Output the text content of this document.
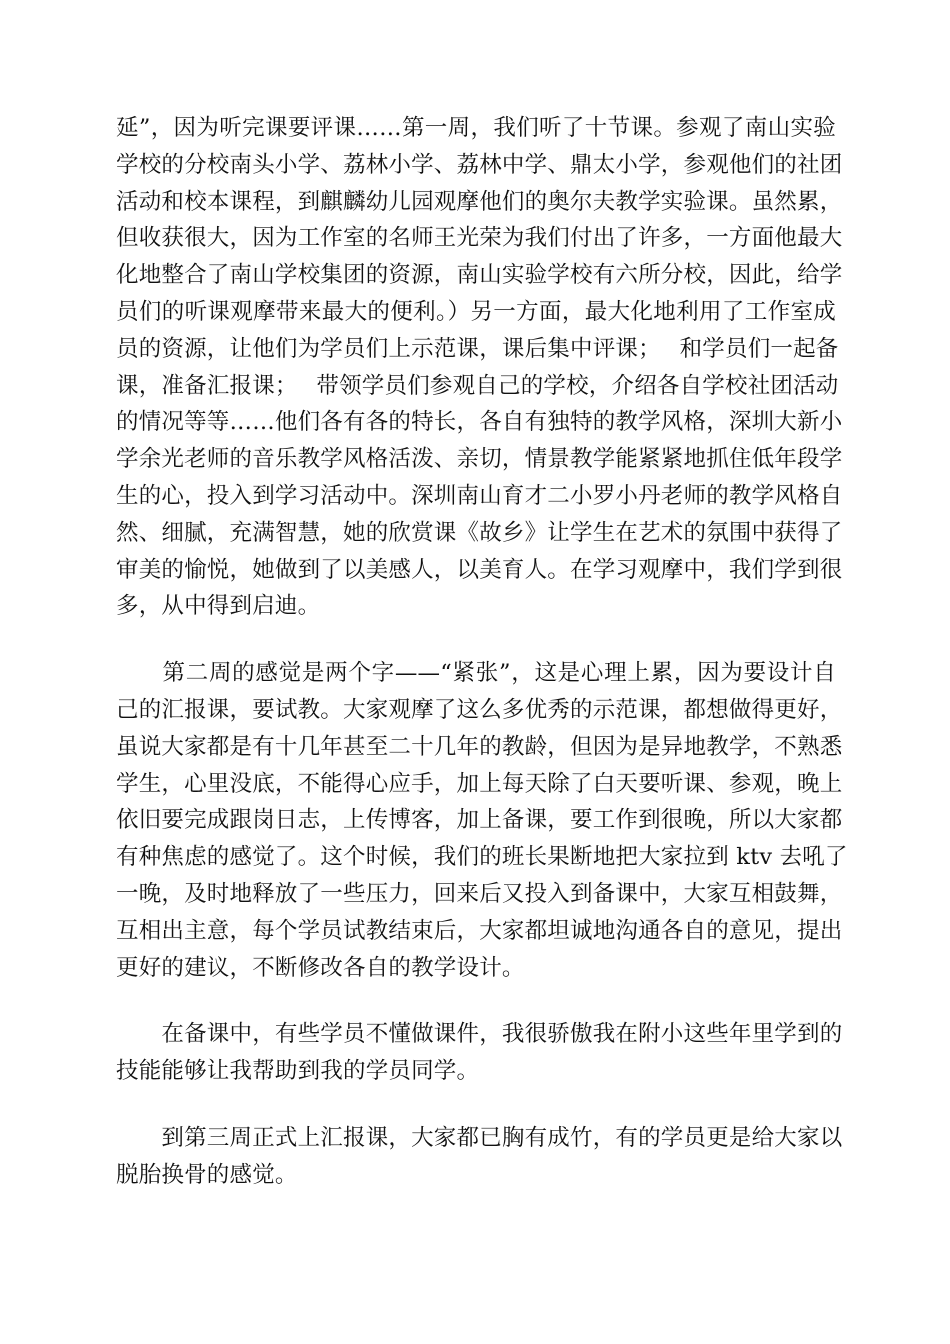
延”，因为听完课要评课……第一周，我们听了十节课。参观了南山实验
学校的分校南头小学、荔林小学、荔林中学、鼎太小学，参观他们的社团
活动和校本课程，到麒麟幼儿园观摩他们的奥尔夫教学实验课。虽然累，
但收获很大，因为工作室的名师王光荣为我们付出了许多，一方面他最大
化地整合了南山学校集团的资源，南山实验学校有六所分校，因此，给学
员们的听课观摩带来最大的便利。）另一方面，最大化地利用了工作室成
员的资源，让他们为学员们上示范课，课后集中评课；　 和学员们一起备
课，准备汇报课；　 带领学员们参观自己的学校，介绍各自学校社团活动
的情况等等……他们各有各的特长，各自有独特的教学风格，深圳大新小
学余光老师的音乐教学风格活泼、亲切，情景教学能紧紧地抓住低年段学
生的心，投入到学习活动中。深圳南山育才二小罗小丹老师的教学风格自
然、细腻，充满智慧，她的欣赏课《故乡》让学生在艺术的氛围中获得了
审美的愉悦，她做到了以美感人，以美育人。在学习观摩中，我们学到很
多，从中得到启迪。

　　第二周的感觉是两个字——“紧张”，这是心理上累，因为要设计自
己的汇报课，要试教。大家观摩了这么多优秀的示范课，都想做得更好，
虽说大家都是有十几年甚至二十几年的教龄，但因为是异地教学，不熟悉
学生，心里没底，不能得心应手，加上每天除了白天要听课、参观，晚上
依旧要完成跟岗日志，上传博客，加上备课，要工作到很晚，所以大家都
有种焦虑的感觉了。这个时候，我们的班长果断地把大家拉到 ktv 去吼了
一晚，及时地释放了一些压力，回来后又投入到备课中，大家互相鼓舞，
互相出主意，每个学员试教结束后，大家都坦诚地沟通各自的意见，提出
更好的建议，不断修改各自的教学设计。

　　在备课中，有些学员不懂做课件，我很骄傲我在附小这些年里学到的
技能能够让我帮助到我的学员同学。

　　到第三周正式上汇报课，大家都已胸有成竹，有的学员更是给大家以
脱胎换骨的感觉。
